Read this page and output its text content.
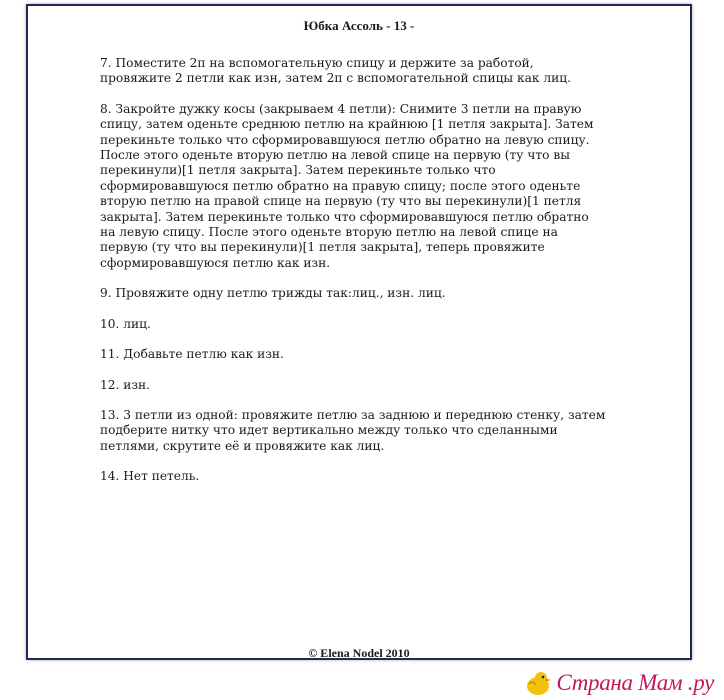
Юбка Ассоль - 13 -
7. Поместите 2п на вспомогательную спицу и держите за работой,
провяжите 2 петли как изн, затем 2п с вспомогательной спицы как лиц.
8. Закройте дужку косы (закрываем 4 петли): Снимите 3 петли на правую
спицу, затем оденьте среднюю петлю на крайнюю [1 петля закрыта]. Затем
перекиньте только что сформировавшуюся петлю обратно на левую спицу.
После этого оденьте вторую петлю на левой спице на первую (ту что вы
перекинули)[1 петля закрыта]. Затем перекиньте только что
сформировавшуюся петлю обратно на правую спицу; после этого оденьте
вторую петлю на правой спице на первую (ту что вы перекинули)[1 петля
закрыта]. Затем перекиньте только что сформировавшуюся петлю обратно
на левую спицу. После этого оденьте вторую петлю на левой спице на
первую (ту что вы перекинули)[1 петля закрыта], теперь провяжите
сформировавшуюся петлю как изн.
9. Провяжите одну петлю трижды так:лиц., изн. лиц.
10. лиц.
11. Добавьте петлю как изн.
12. изн.
13. 3 петли из одной: провяжите петлю за заднюю и переднюю стенку, затем
подберите нитку что идет вертикально между только что сделанными
петлями, скрутите её и провяжите как лиц.
14. Нет петель.
© Elena Nodel 2010
Страна Мам .ру
